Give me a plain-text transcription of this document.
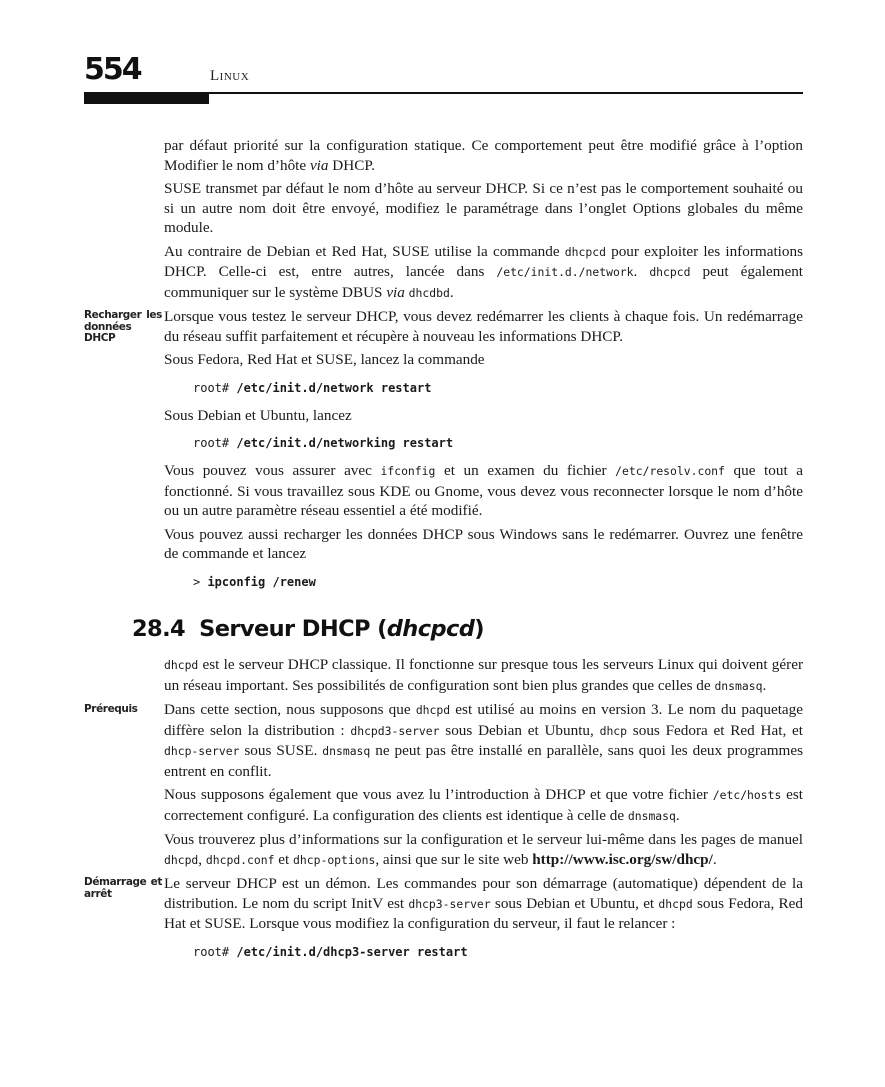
554	Linux

par défaut priorité sur la configuration statique. Ce comportement peut être modifié grâce à l’option Modifier le nom d’hôte via DHCP.

SUSE transmet par défaut le nom d’hôte au serveur DHCP. Si ce n’est pas le comportement souhaité ou si un autre nom doit être envoyé, modifiez le paramétrage dans l’onglet Options globales du même module.

Au contraire de Debian et Red Hat, SUSE utilise la commande dhcpcd pour exploiter les informations DHCP. Celle-ci est, entre autres, lancée dans /etc/init.d./network. dhcpcd peut également communiquer sur le système DBUS via dhcdbd.

Recharger les données DHCP

Lorsque vous testez le serveur DHCP, vous devez redémarrer les clients à chaque fois. Un redémarrage du réseau suffit parfaitement et récupère à nouveau les informations DHCP.

Sous Fedora, Red Hat et SUSE, lancez la commande

root# /etc/init.d/network restart

Sous Debian et Ubuntu, lancez

root# /etc/init.d/networking restart

Vous pouvez vous assurer avec ifconfig et un examen du fichier /etc/resolv.conf que tout a fonctionné. Si vous travaillez sous KDE ou Gnome, vous devez vous reconnecter lorsque le nom d’hôte ou un autre paramètre réseau essentiel a été modifié.

Vous pouvez aussi recharger les données DHCP sous Windows sans le redémarrer. Ouvrez une fenêtre de commande et lancez

> ipconfig /renew
28.4 Serveur DHCP (dhcpcd)

dhcpd est le serveur DHCP classique. Il fonctionne sur presque tous les serveurs Linux qui doivent gérer un réseau important. Ses possibilités de configuration sont bien plus grandes que celles de dnsmasq.

Prérequis	Dans cette section, nous supposons que dhcpd est utilisé au moins en version 3. Le nom du paquetage diffère selon la distribution : dhcpd3-server sous Debian et Ubuntu, dhcp sous Fedora et Red Hat, et dhcp-server sous SUSE. dnsmasq ne peut pas être installé en parallèle, sans quoi les deux programmes entrent en conflit.

Nous supposons également que vous avez lu l’introduction à DHCP et que votre fichier /etc/hosts est correctement configuré. La configuration des clients est identique à celle de dnsmasq.

Vous trouverez plus d’informations sur la configuration et le serveur lui-même dans les pages de manuel dhcpd, dhcpd.conf et dhcp-options, ainsi que sur le site web http://www.isc.org/sw/dhcp/.

Démarrage et arrêt

Le serveur DHCP est un démon. Les commandes pour son démarrage (automatique) dépendent de la distribution. Le nom du script InitV est dhcp3-server sous Debian et Ubuntu, et dhcpd sous Fedora, Red Hat et SUSE. Lorsque vous modifiez la configuration du serveur, il faut le relancer :

root# /etc/init.d/dhcp3-server restart
